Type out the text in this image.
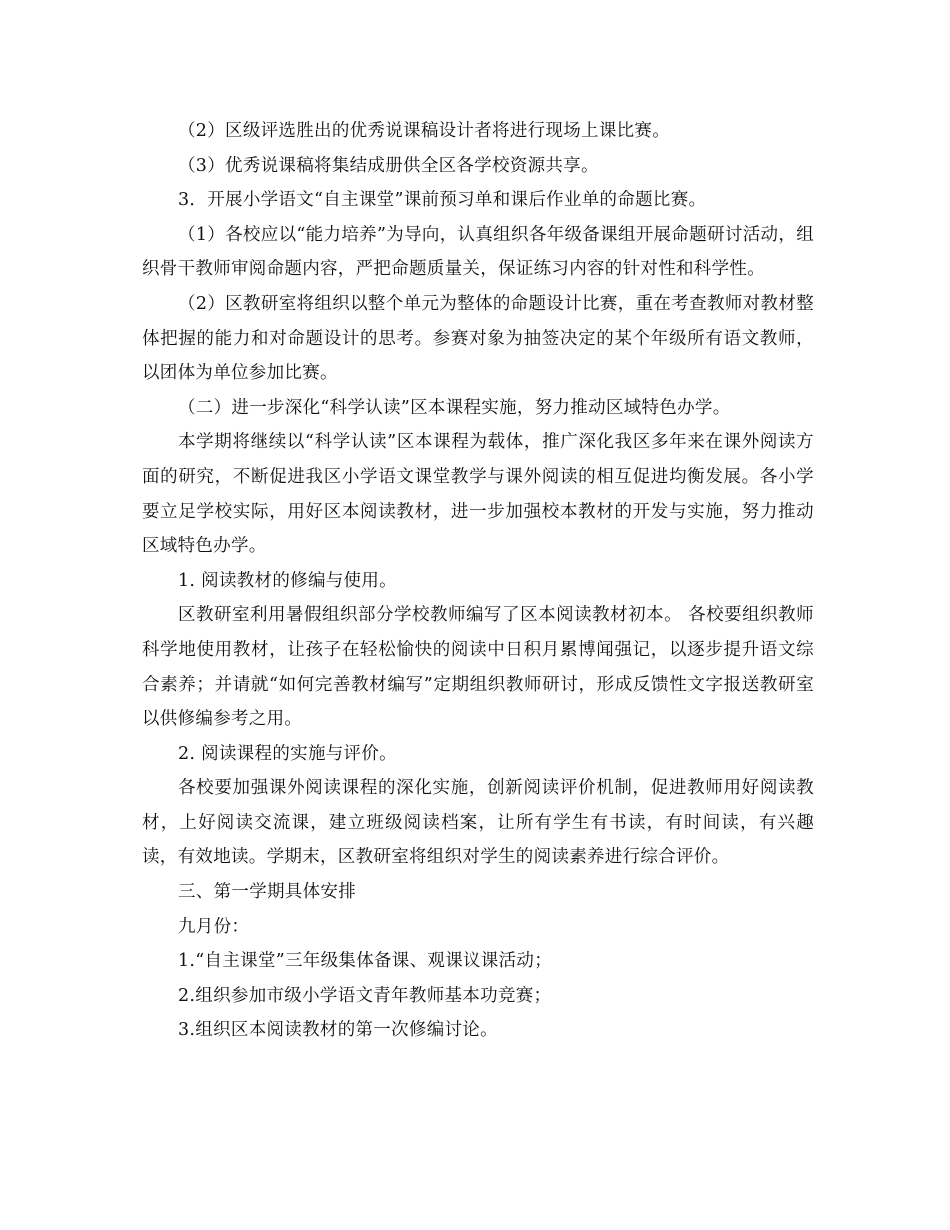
（2）区级评选胜出的优秀说课稿设计者将进行现场上课比赛。

（3）优秀说课稿将集结成册供全区各学校资源共享。

3．开展小学语文“自主课堂”课前预习单和课后作业单的命题比赛。

（1）各校应以“能力培养”为导向，认真组织各年级备课组开展命题研讨活动，组织骨干教师审阅命题内容，严把命题质量关，保证练习内容的针对性和科学性。

（2）区教研室将组织以整个单元为整体的命题设计比赛，重在考查教师对教材整体把握的能力和对命题设计的思考。参赛对象为抽签决定的某个年级所有语文教师，以团体为单位参加比赛。

（二）进一步深化“科学认读”区本课程实施，努力推动区域特色办学。

本学期将继续以“科学认读”区本课程为载体，推广深化我区多年来在课外阅读方面的研究，不断促进我区小学语文课堂教学与课外阅读的相互促进均衡发展。各小学要立足学校实际，用好区本阅读教材，进一步加强校本教材的开发与实施，努力推动区域特色办学。

1. 阅读教材的修编与使用。

区教研室利用暑假组织部分学校教师编写了区本阅读教材初本。 各校要组织教师科学地使用教材，让孩子在轻松愉快的阅读中日积月累博闻强记，以逐步提升语文综合素养；并请就“如何完善教材编写”定期组织教师研讨，形成反馈性文字报送教研室以供修编参考之用。

2. 阅读课程的实施与评价。

各校要加强课外阅读课程的深化实施，创新阅读评价机制，促进教师用好阅读教材，上好阅读交流课，建立班级阅读档案，让所有学生有书读，有时间读，有兴趣读，有效地读。学期末，区教研室将组织对学生的阅读素养进行综合评价。

三、第一学期具体安排

九月份：

1.“自主课堂”三年级集体备课、观课议课活动；

2.组织参加市级小学语文青年教师基本功竞赛；

3.组织区本阅读教材的第一次修编讨论。
